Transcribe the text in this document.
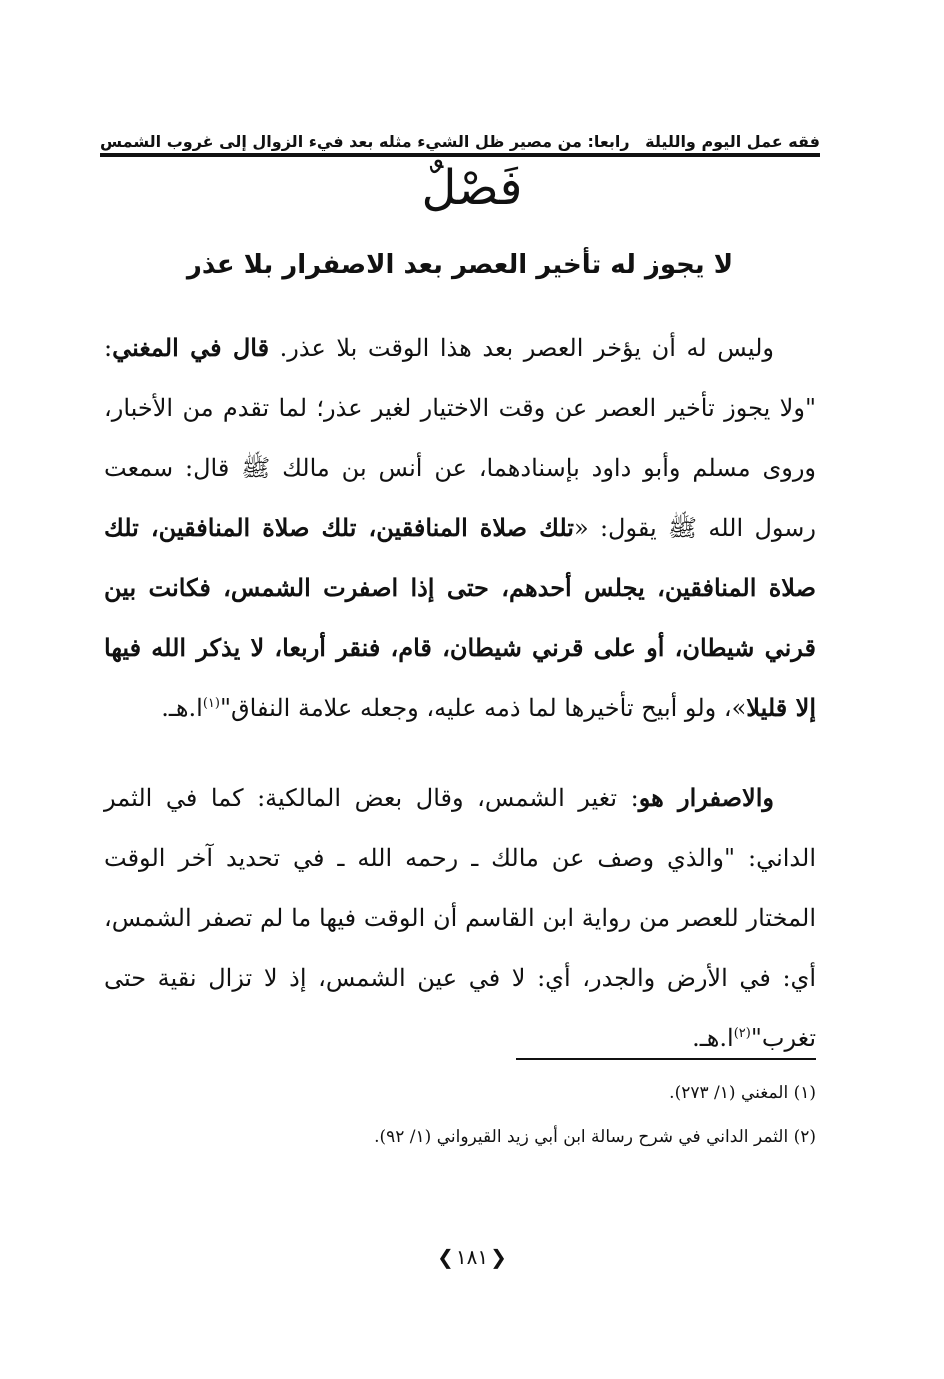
فقه عمل اليوم والليلة
رابعا: من مصير ظل الشيء مثله بعد فيء الزوال إلى غروب الشمس
فَصْلٌ
لا يجوز له تأخير العصر بعد الاصفرار بلا عذر

وليس له أن يؤخر العصر بعد هذا الوقت بلا عذر. قال في المغني: "ولا يجوز تأخير العصر عن وقت الاختيار لغير عذر؛ لما تقدم من الأخبار، وروى مسلم وأبو داود بإسنادهما، عن أنس بن مالك ﷺ قال: سمعت رسول الله ﷺ يقول: «تلك صلاة المنافقين، تلك صلاة المنافقين، تلك صلاة المنافقين، يجلس أحدهم، حتى إذا اصفرت الشمس، فكانت بين قرني شيطان، أو على قرني شيطان، قام، فنقر أربعا، لا يذكر الله فيها إلا قليلا»، ولو أبيح تأخيرها لما ذمه عليه، وجعله علامة النفاق"$^{(١)}$ا.هـ.

والاصفرار هو: تغير الشمس، وقال بعض المالكية: كما في الثمر الداني: "والذي وصف عن مالك ـ رحمه الله ـ في تحديد آخر الوقت المختار للعصر من رواية ابن القاسم أن الوقت فيها ما لم تصفر الشمس، أي: في الأرض والجدر، أي: لا في عين الشمس، إذ لا تزال نقية حتى تغرب"$^{(٢)}$ا.هـ.

(١) المغني (١/ ٢٧٣).
(٢) الثمر الداني في شرح رسالة ابن أبي زيد القيرواني (١/ ٩٢).
❮١٨١❯
